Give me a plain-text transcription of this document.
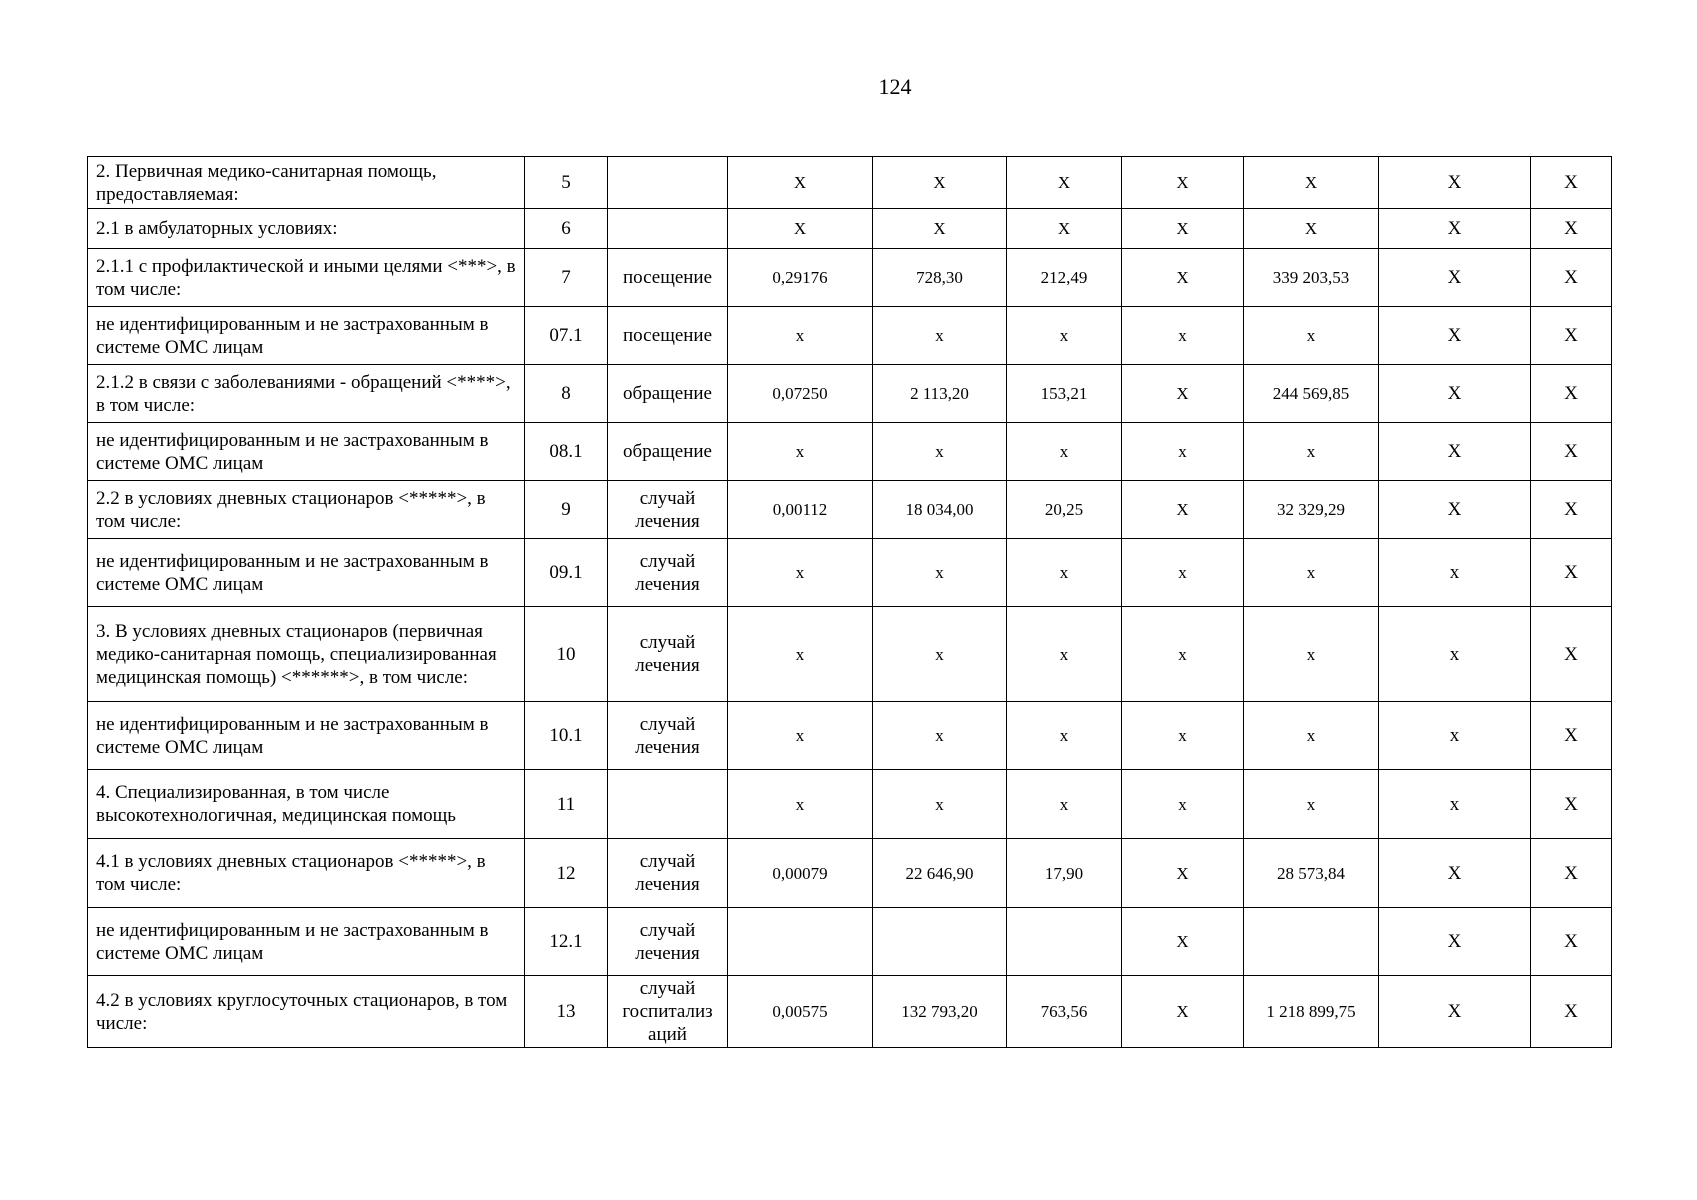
124
2. Первичная медико-санитарная помощь, предоставляемая:	5		X	X	X	X	X	X	X
2.1 в амбулаторных условиях:	6		X	X	X	X	X	X	X
2.1.1 с профилактической и иными целями <***>, в том числе:	7	посещение	0,29176	728,30	212,49	X	339 203,53	X	X
не идентифицированным и не застрахованным в системе ОМС лицам	07.1	посещение	x	x	x	x	x	X	X
2.1.2 в связи с заболеваниями - обращений <****>, в том числе:	8	обращение	0,07250	2 113,20	153,21	X	244 569,85	X	X
не идентифицированным и не застрахованным в системе ОМС лицам	08.1	обращение	x	x	x	x	x	X	X
2.2 в условиях дневных стационаров <*****>, в том числе:	9	случай лечения	0,00112	18 034,00	20,25	X	32 329,29	X	X
не идентифицированным и не застрахованным в системе ОМС лицам	09.1	случай лечения	x	x	x	x	x	x	X
3. В условиях дневных стационаров (первичная медико-санитарная помощь, специализированная медицинская помощь) <******>, в том числе:	10	случай лечения	x	x	x	x	x	x	X
не идентифицированным и не застрахованным в системе ОМС лицам	10.1	случай лечения	x	x	x	x	x	x	X
4. Специализированная, в том числе высокотехнологичная, медицинская помощь	11		x	x	x	x	x	x	X
4.1 в условиях дневных стационаров <*****>, в том числе:	12	случай лечения	0,00079	22 646,90	17,90	X	28 573,84	X	X
не идентифицированным и не застрахованным в системе ОМС лицам	12.1	случай лечения				X		X	X
4.2 в условиях круглосуточных стационаров, в том числе:	13	случай госпитализ аций	0,00575	132 793,20	763,56	X	1 218 899,75	X	X
